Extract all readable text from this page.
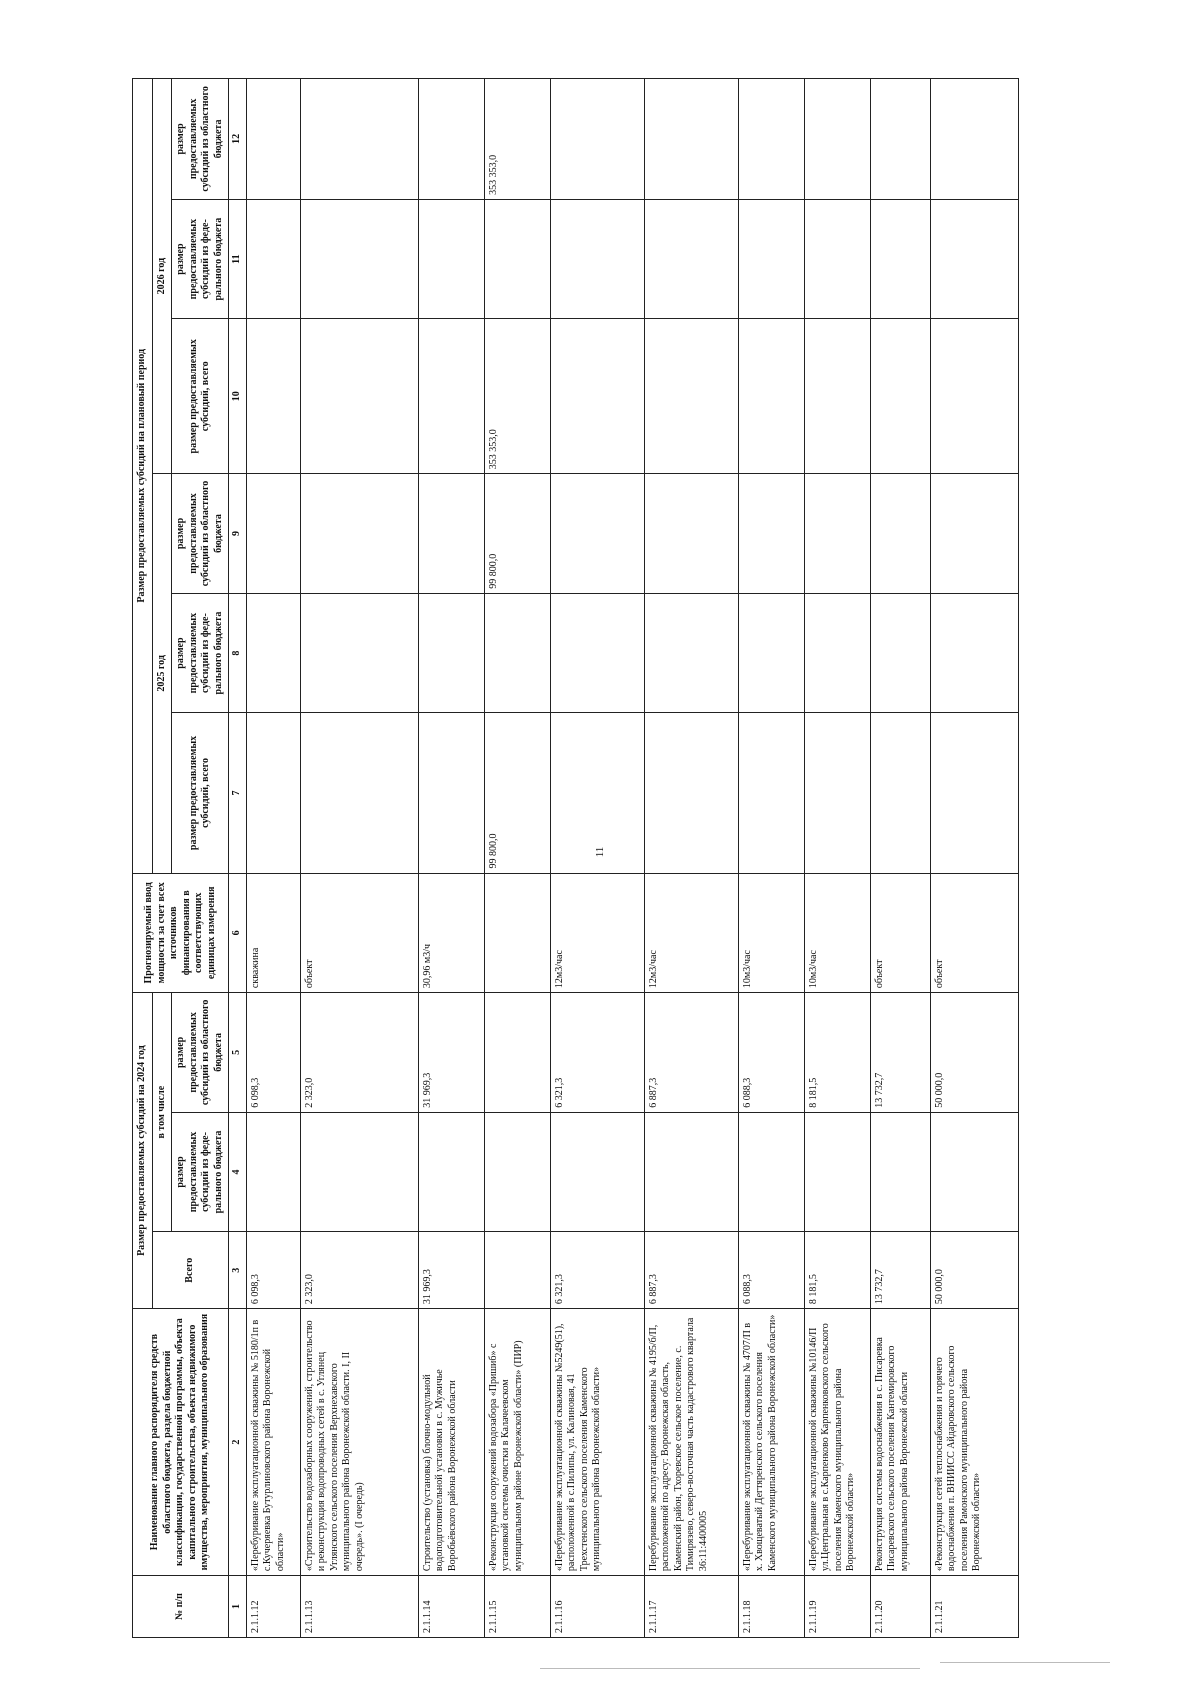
11
№ п/п	Наименование главного распорядителя средств областного бюджета, раздела бюджетной классификации, государственной программы, объекта капитального строительства, объекта недвижимого имущества, мероприятия, муниципального образования	Размер предоставляемых субсидий на 2024 год			Прогнозируемый ввод мощности за счет всех источников финансирования в соответствующих единицах измерения	Размер предоставляемых субсидий на плановый период					
		Всего	в том числе			2025 год			2026 год		
			размер предоставляемых субсидий из феде-рального бюджета	размер предоставляемых субсидий из областного бюджета		размер предоставляемых субсидий, всего	размер предоставляемых субсидий из феде-рального бюджета	размер предоставляемых субсидий из областного бюджета	размер предоставляемых субсидий, всего	размер предоставляемых субсидий из феде-рального бюджета	размер предоставляемых субсидий из областного бюджета
1	2	3	4	5	6	7	8	9	10	11	12
2.1.1.12	«Перебуривание эксплуатационной скважины № 5180/1п в с.Кучеряевка Бутурлиновского района Воронежской области»	6 098,3		6 098,3	скважина						
2.1.1.13	«Строительство водозаборных сооружений, строительство и реконструкция водопроводных сетей в с. Углянец Углянского сельского поселения Верхнехавского муниципального района Воронежской области. I, II очередь». (I очередь)	2 323,0		2 323,0	объект						
2.1.1.14	Строительство (установка) блочно-модульной водоподготовительной установки в с. Мужичье Воробьёвского района Воронежской области	31 969,3		31 969,3	30,96 м3/ч						
2.1.1.15	«Реконструкция сооружений водозабора «Пришиб» с установкой системы очистки в Калачеевском муниципальном районе Воронежской области» (ПИР)					99 800,0		99 800,0	353 353,0		353 353,0
2.1.1.16	«Перебуривание эксплуатационной скважины №5249(51), расположенной в с.Пилипы, ул. Калиновая, 41 Трехстенского сельского поселения Каменского муниципального района Воронежской области»	6 321,3		6 321,3	12м3/час						
2.1.1.17	Перебуривание эксплуатационной скважины № 4195/б/П, расположенной по адресу: Воронежская область, Каменский район, Тхоревское сельское поселение, с. Тимирязево, северо-восточная часть кадастрового квартала 36:11:4400005	6 887,3		6 887,3	12м3/час						
2.1.1.18	«Перебуривание эксплуатационной скважины № 4707/П в х. Хвощеватый Дегтяренского сельского поселения Каменского муниципального района Воронежской области»	6 088,3		6 088,3	10м3/час						
2.1.1.19	«Перебуривание эксплуатационной скважины №10146/П ул.Центральная в с.Карпенково Карпенковского сельского поселения Каменского муниципального района Воронежской области»	8 181,5		8 181,5	10м3/час						
2.1.1.20	Реконструкция системы водоснабжения в с. Писаревка Писаревского сельского поселения Кантемировского муниципального района Воронежской области	13 732,7		13 732,7	объект						
2.1.1.21	«Реконструкция сетей теплоснабжения и горячего водоснабжения п. ВНИИСС Айдаровского сельского поселения Рамонского муниципального района Воронежской области»	50 000,0		50 000,0	объект						
